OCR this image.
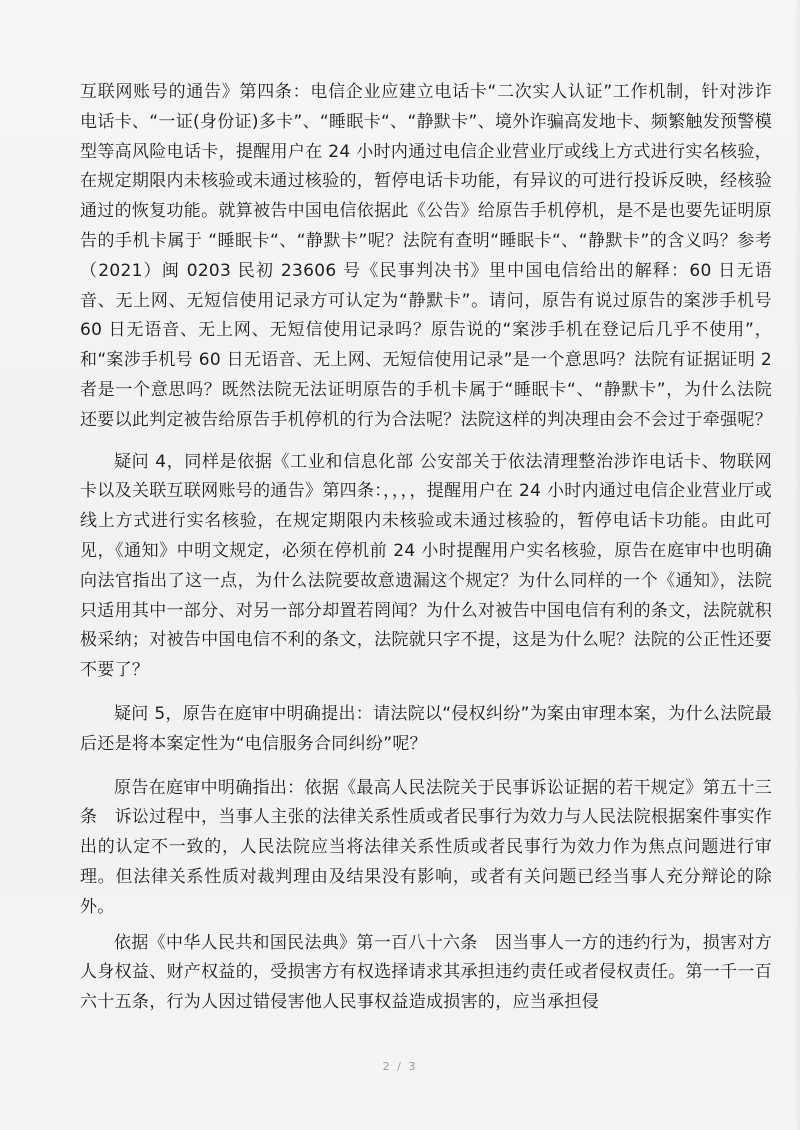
互联网账号的通告》第四条：电信企业应建立电话卡“二次实人认证”工作机制，针对涉诈电话卡、“一证(身份证)多卡”、“睡眠卡“、“静默卡”、境外诈骗高发地卡、频繁触发预警模型等高风险电话卡，提醒用户在 24 小时内通过电信企业营业厅或线上方式进行实名核验，在规定期限内未核验或未通过核验的，暂停电话卡功能，有异议的可进行投诉反映，经核验通过的恢复功能。就算被告中国电信依据此《公告》给原告手机停机，是不是也要先证明原告的手机卡属于 “睡眠卡“、“静默卡”呢？法院有查明“睡眠卡“、“静默卡”的含义吗？参考（2021）闽 0203 民初 23606 号《民事判决书》里中国电信给出的解释：60 日无语音、无上网、无短信使用记录方可认定为“静默卡”。请问，原告有说过原告的案涉手机号 60 日无语音、无上网、无短信使用记录吗？原告说的“案涉手机在登记后几乎不使用”，和“案涉手机号 60 日无语音、无上网、无短信使用记录”是一个意思吗？法院有证据证明 2 者是一个意思吗？既然法院无法证明原告的手机卡属于“睡眠卡“、“静默卡”，为什么法院还要以此判定被告给原告手机停机的行为合法呢？法院这样的判决理由会不会过于牵强呢？

疑问 4，同样是依据《工业和信息化部 公安部关于依法清理整治涉诈电话卡、物联网卡以及关联互联网账号的通告》第四条：，，，，提醒用户在 24 小时内通过电信企业营业厅或线上方式进行实名核验，在规定期限内未核验或未通过核验的，暂停电话卡功能。由此可见，《通知》中明文规定，必须在停机前 24 小时提醒用户实名核验，原告在庭审中也明确向法官指出了这一点，为什么法院要故意遗漏这个规定？为什么同样的一个《通知》，法院只适用其中一部分、对另一部分却置若罔闻？为什么对被告中国电信有利的条文，法院就积极采纳；对被告中国电信不利的条文，法院就只字不提，这是为什么呢？法院的公正性还要不要了？

疑问 5，原告在庭审中明确提出：请法院以“侵权纠纷”为案由审理本案，为什么法院最后还是将本案定性为“电信服务合同纠纷”呢？

原告在庭审中明确指出：依据《最高人民法院关于民事诉讼证据的若干规定》第五十三条　诉讼过程中，当事人主张的法律关系性质或者民事行为效力与人民法院根据案件事实作出的认定不一致的，人民法院应当将法律关系性质或者民事行为效力作为焦点问题进行审理。但法律关系性质对裁判理由及结果没有影响，或者有关问题已经当事人充分辩论的除外。

依据《中华人民共和国民法典》第一百八十六条　因当事人一方的违约行为，损害对方人身权益、财产权益的，受损害方有权选择请求其承担违约责任或者侵权责任。第一千一百六十五条，行为人因过错侵害他人民事权益造成损害的，应当承担侵

2 / 3
